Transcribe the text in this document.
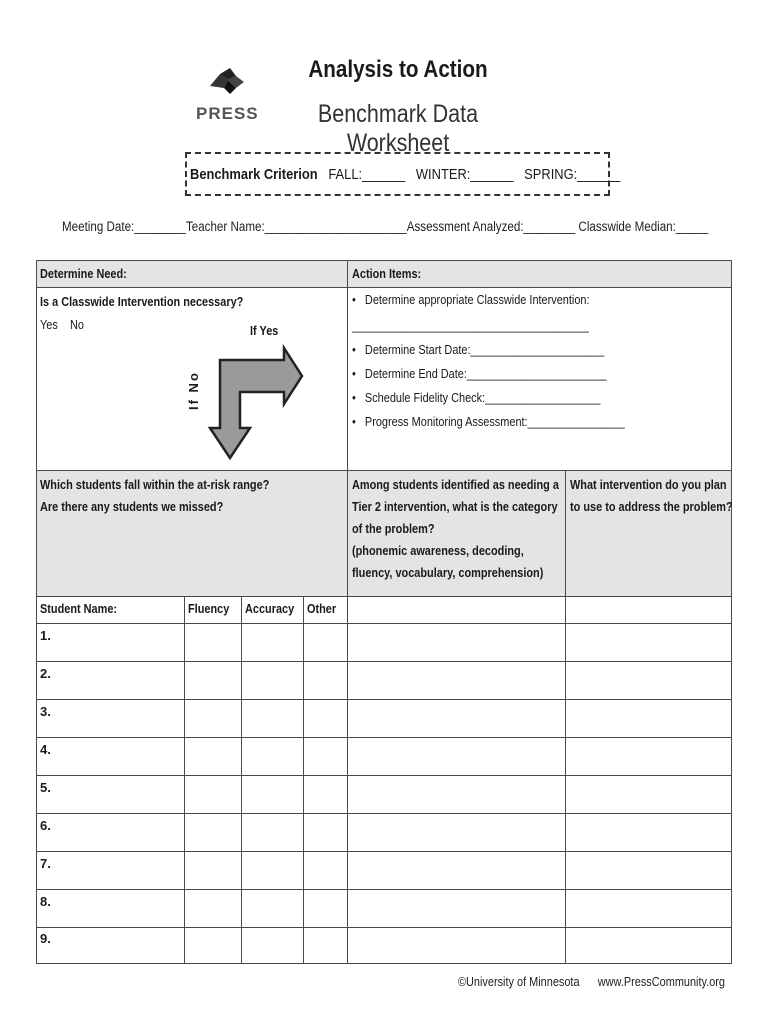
PRESS
Analysis to Action
Benchmark Data Worksheet
Benchmark Criterion FALL:______ WINTER:______ SPRING:______
Meeting Date:________Teacher Name:______________________Assessment Analyzed:________ Classwide Median:_____
Determine Need:	Action Items:
Is a Classwide Intervention necessary?
Yes No	If Yes
If No
•   Determine appropriate Classwide Intervention:
_______________________________________
•   Determine Start Date:______________________
•   Determine End Date:_______________________
•   Schedule Fidelity Check:___________________
•   Progress Monitoring Assessment:________________
Which students fall within the at-risk range?
Are there any students we missed?
Among students identified as needing a
Tier 2 intervention, what is the category
of the problem?
(phonemic awareness, decoding,
fluency, vocabulary, comprehension)
What intervention do you plan
to use to address the problem?
Student Name:	Fluency Accuracy Other
1.
2.
3.
4.
5.
6.
7.
8.
9.
©University of Minnesota www.PressCommunity.org
